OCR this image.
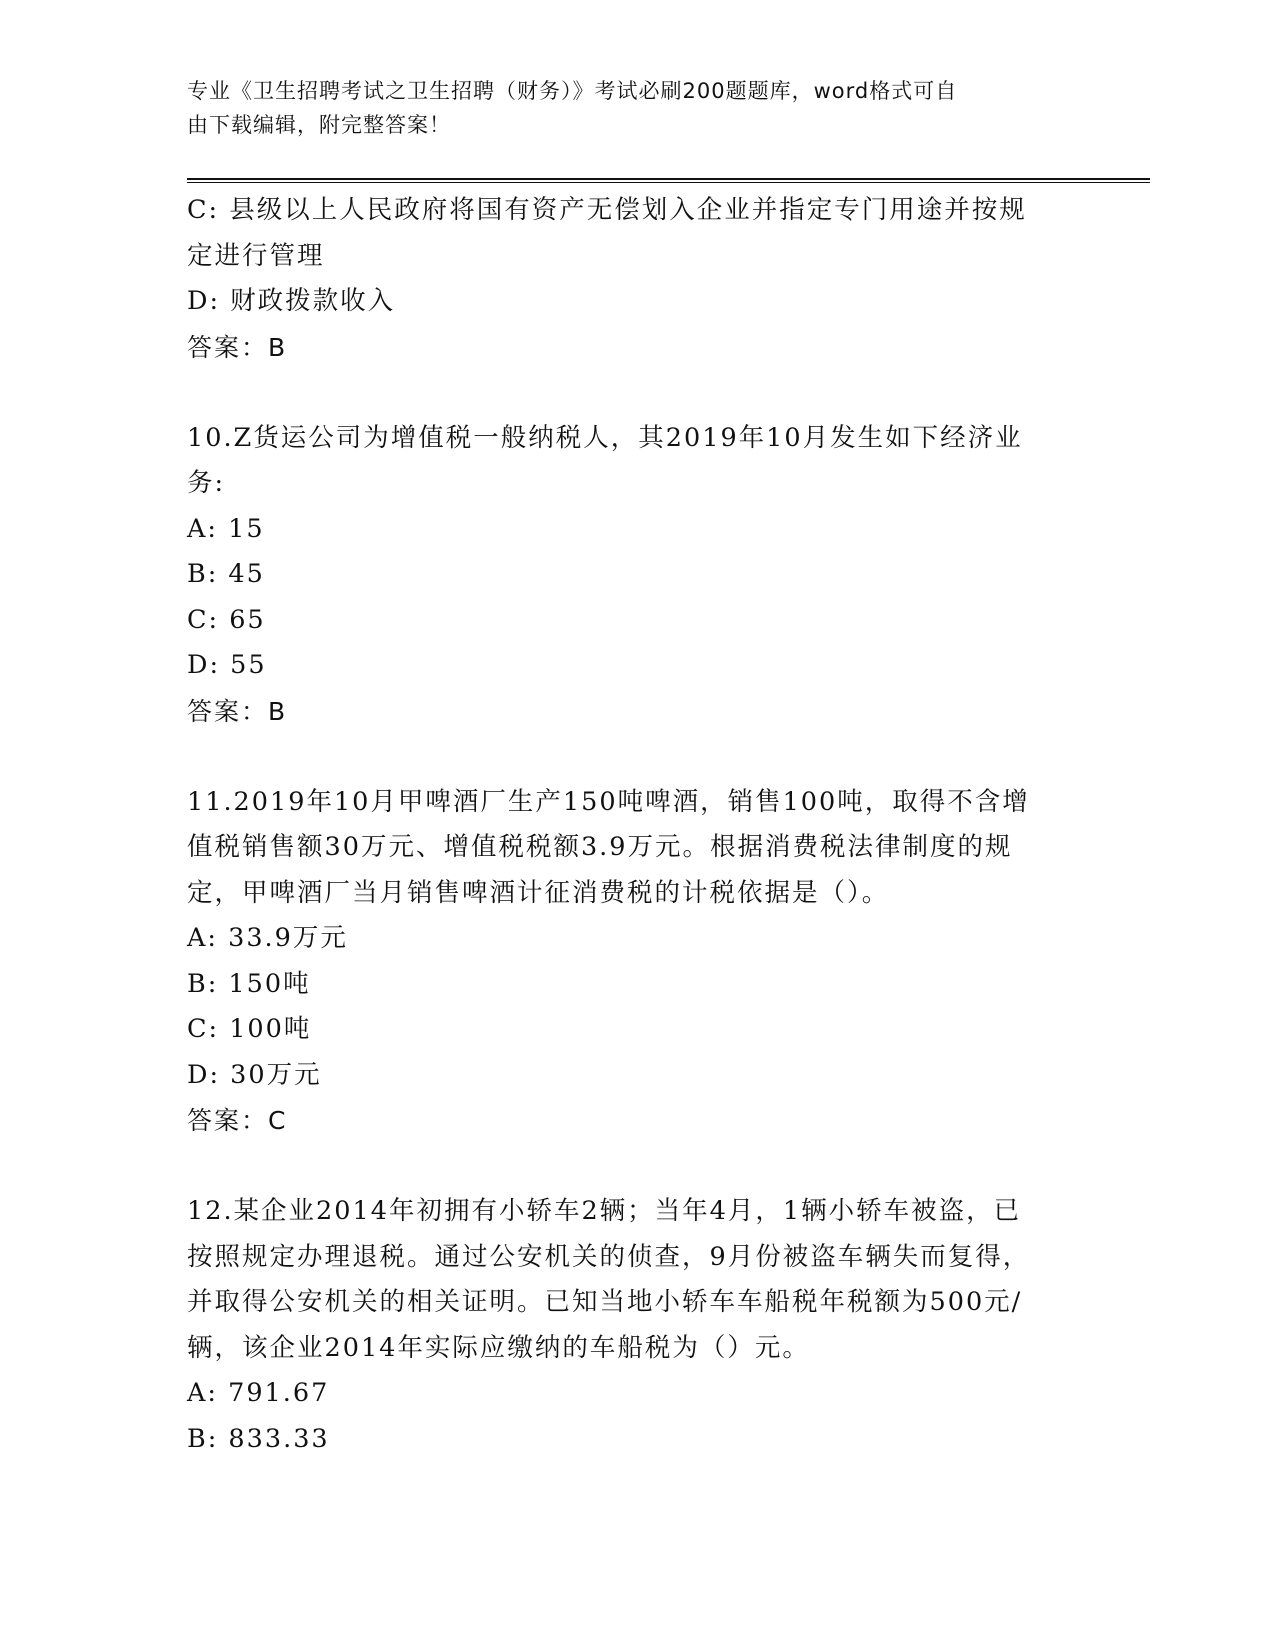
专业《卫生招聘考试之卫生招聘（财务）》考试必刷200题题库，word格式可自
由下载编辑，附完整答案！

C: 县级以上人民政府将国有资产无偿划入企业并指定专门用途并按规

定进行管理

D: 财政拨款收入

答案：B

10.Z货运公司为增值税一般纳税人，其2019年10月发生如下经济业

务:

A: 15

B: 45

C: 65

D: 55

答案：B

11.2019年10月甲啤酒厂生产150吨啤酒，销售100吨，取得不含增

值税销售额30万元、增值税税额3.9万元。根据消费税法律制度的规

定，甲啤酒厂当月销售啤酒计征消费税的计税依据是（）。

A: 33.9万元

B: 150吨

C: 100吨

D: 30万元

答案：C

12.某企业2014年初拥有小轿车2辆；当年4月，1辆小轿车被盗，已

按照规定办理退税。通过公安机关的侦查，9月份被盗车辆失而复得，

并取得公安机关的相关证明。已知当地小轿车车船税年税额为500元/

辆，该企业2014年实际应缴纳的车船税为（）元。

A: 791.67

B: 833.33
